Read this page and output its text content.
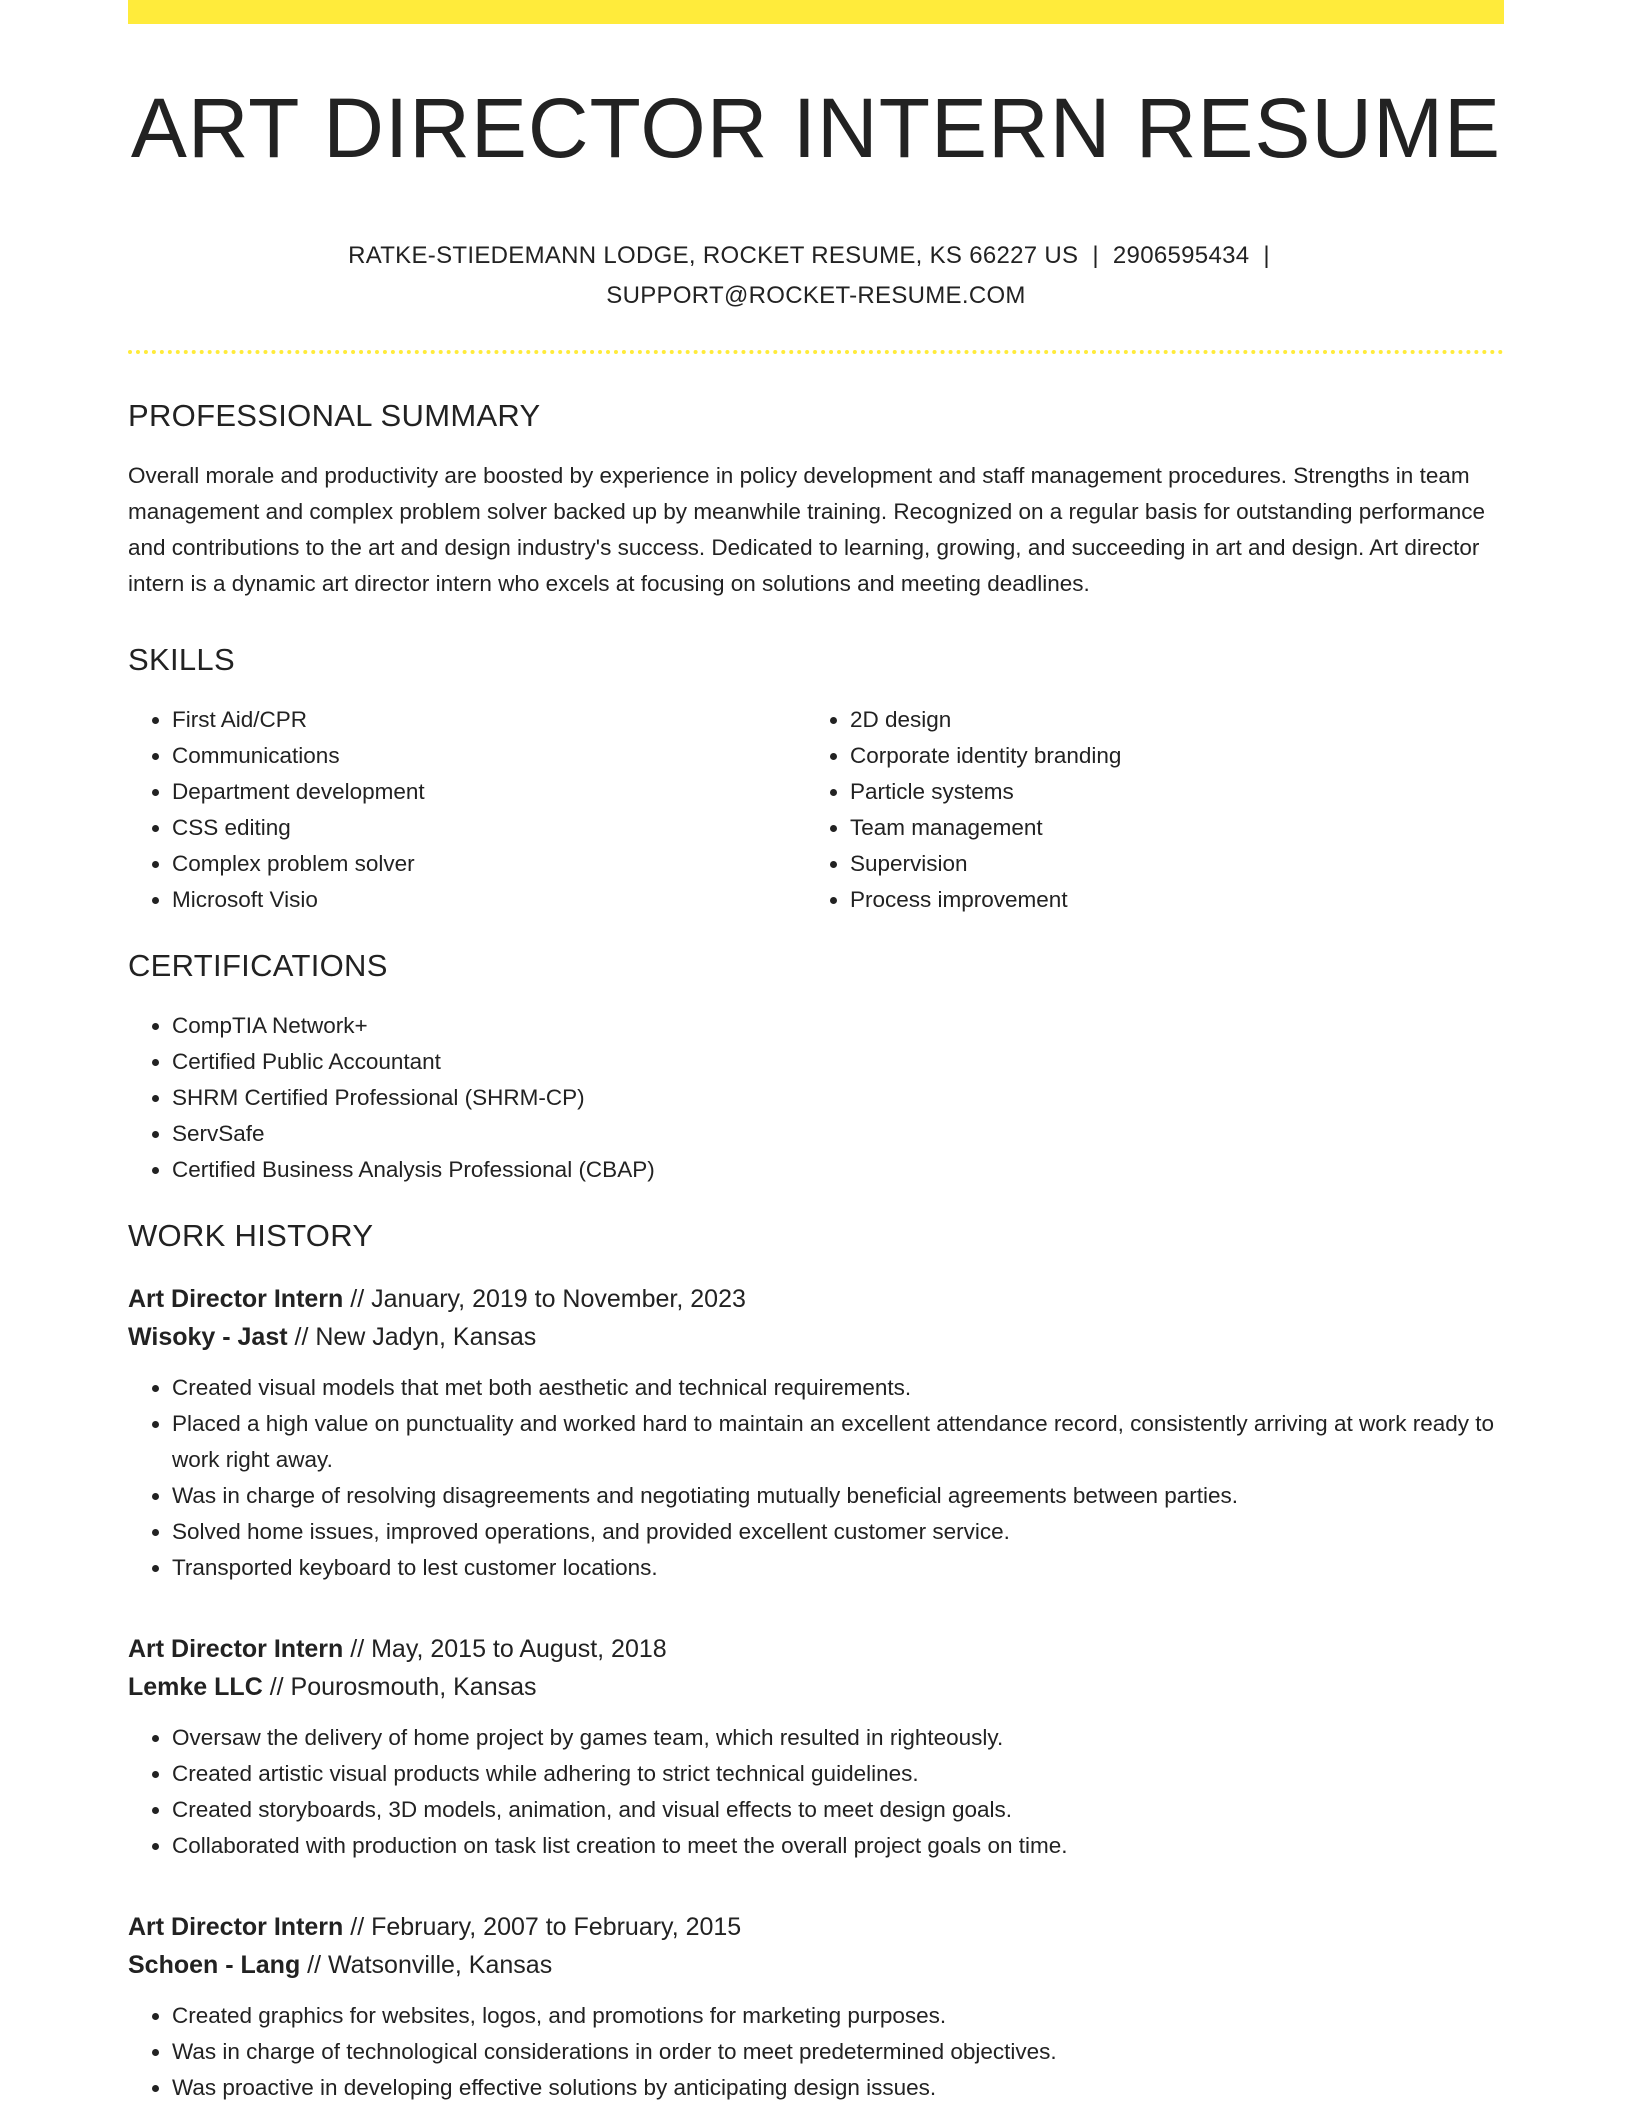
ART DIRECTOR INTERN RESUME
RATKE-STIEDEMANN LODGE, ROCKET RESUME, KS 66227 US | 2906595434 |
SUPPORT@ROCKET-RESUME.COM
PROFESSIONAL SUMMARY

Overall morale and productivity are boosted by experience in policy development and staff management procedures. Strengths in team management and complex problem solver backed up by meanwhile training. Recognized on a regular basis for outstanding performance and contributions to the art and design industry's success. Dedicated to learning, growing, and succeeding in art and design. Art director intern is a dynamic art director intern who excels at focusing on solutions and meeting deadlines.

SKILLS
• First Aid/CPR
• Communications
• Department development
• CSS editing
• Complex problem solver
• Microsoft Visio
• 2D design
• Corporate identity branding
• Particle systems
• Team management
• Supervision
• Process improvement
CERTIFICATIONS
• CompTIA Network+
• Certified Public Accountant
• SHRM Certified Professional (SHRM-CP)
• ServSafe
• Certified Business Analysis Professional (CBAP)
WORK HISTORY
Art Director Intern // January, 2019 to November, 2023
Wisoky - Jast // New Jadyn, Kansas
• Created visual models that met both aesthetic and technical requirements.
• Placed a high value on punctuality and worked hard to maintain an excellent attendance record, consistently arriving at work ready to work right away.
• Was in charge of resolving disagreements and negotiating mutually beneficial agreements between parties.
• Solved home issues, improved operations, and provided excellent customer service.
• Transported keyboard to lest customer locations.
Art Director Intern // May, 2015 to August, 2018
Lemke LLC // Pourosmouth, Kansas
• Oversaw the delivery of home project by games team, which resulted in righteously.
• Created artistic visual products while adhering to strict technical guidelines.
• Created storyboards, 3D models, animation, and visual effects to meet design goals.
• Collaborated with production on task list creation to meet the overall project goals on time.
Art Director Intern // February, 2007 to February, 2015
Schoen - Lang // Watsonville, Kansas
• Created graphics for websites, logos, and promotions for marketing purposes.
• Was in charge of technological considerations in order to meet predetermined objectives.
• Was proactive in developing effective solutions by anticipating design issues.
